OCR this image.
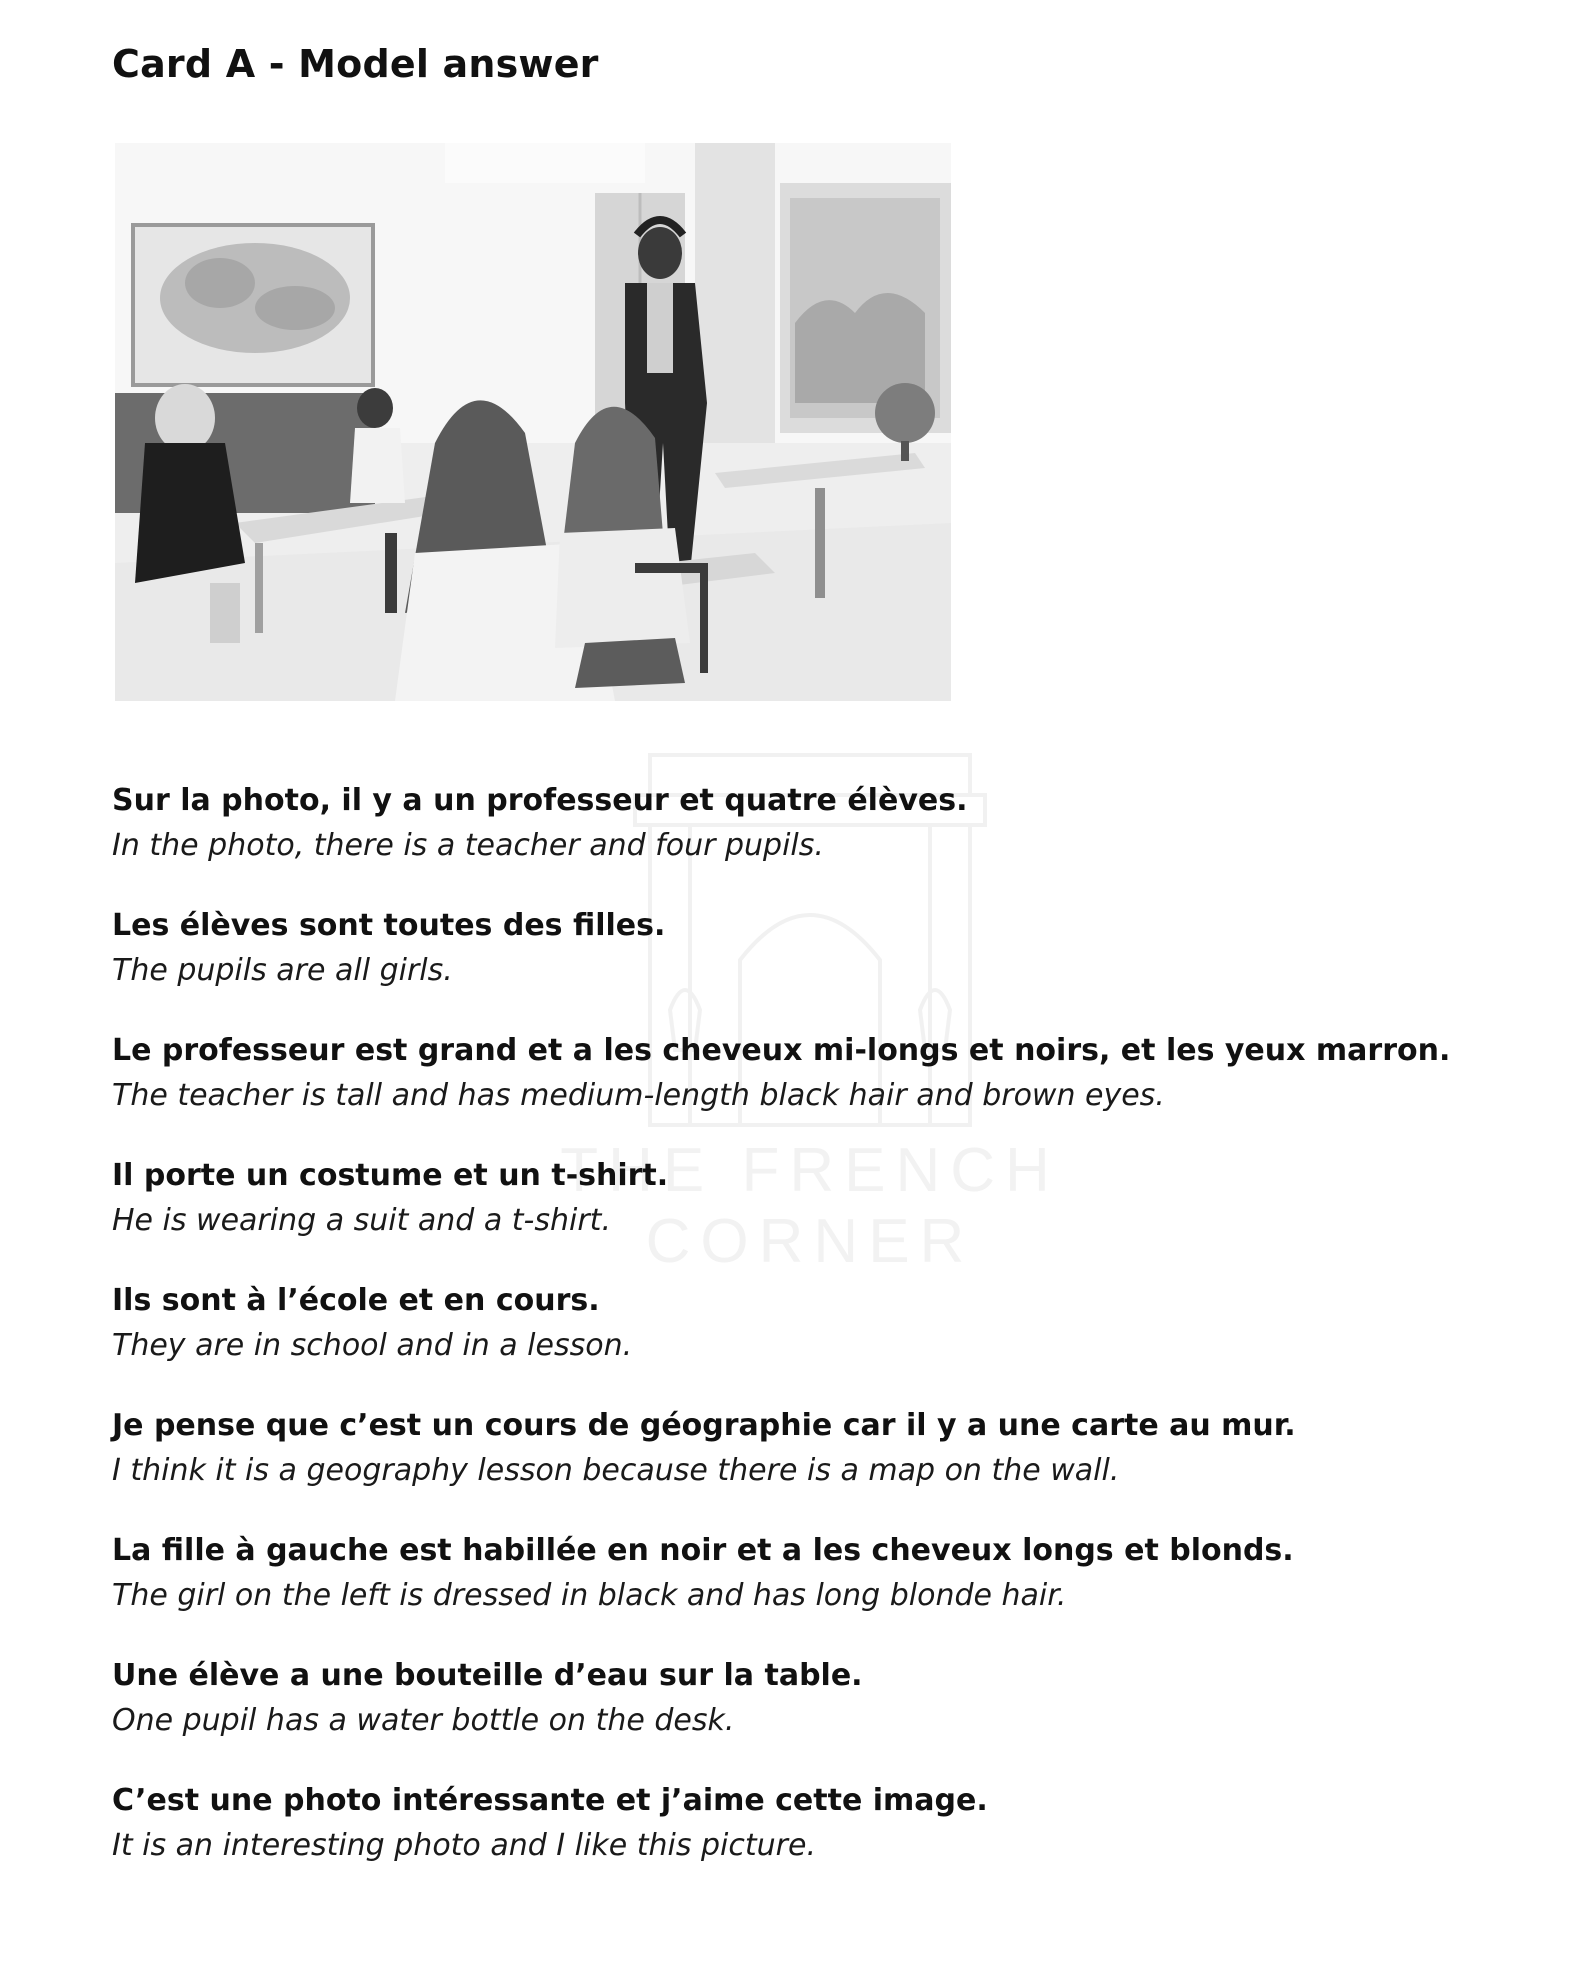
Card A - Model answer
THE FRENCH CORNER
Sur la photo, il y a un professeur et quatre élèves.
In the photo, there is a teacher and four pupils.
Les élèves sont toutes des filles.
The pupils are all girls.
Le professeur est grand et a les cheveux mi-longs et noirs, et les yeux marron.
The teacher is tall and has medium-length black hair and brown eyes.
Il porte un costume et un t-shirt.
He is wearing a suit and a t-shirt.
Ils sont à l’école et en cours.
They are in school and in a lesson.
Je pense que c’est un cours de géographie car il y a une carte au mur.
I think it is a geography lesson because there is a map on the wall.
La fille à gauche est habillée en noir et a les cheveux longs et blonds.
The girl on the left is dressed in black and has long blonde hair.
Une élève a une bouteille d’eau sur la table.
One pupil has a water bottle on the desk.
C’est une photo intéressante et j’aime cette image.
It is an interesting photo and I like this picture.
